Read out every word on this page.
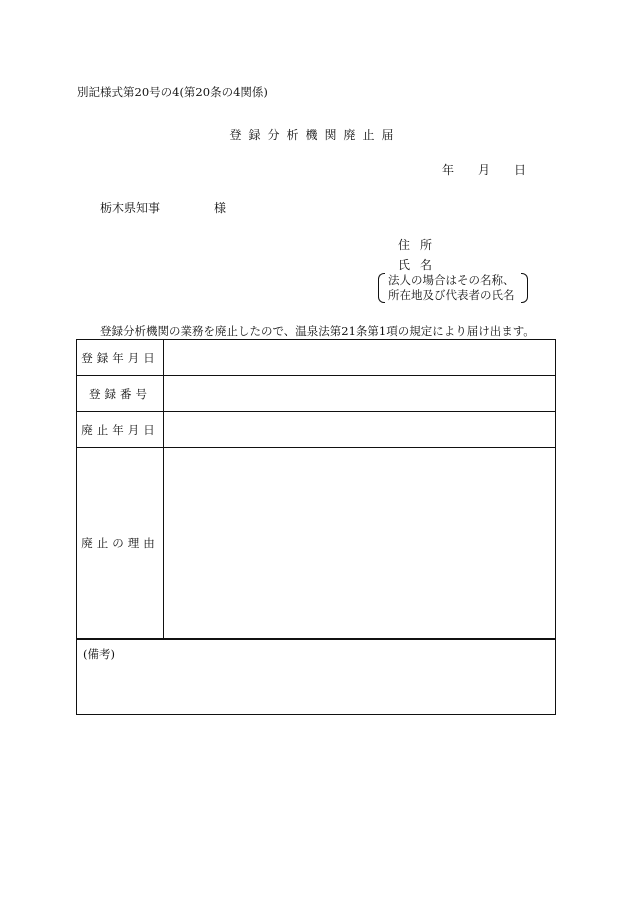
別記様式第20号の4(第20条の4関係)
登録分析機関廃止届
年 月 日
栃木県知事	様
住所
氏名
法人の場合はその名称、
所在地及び代表者の氏名
登録分析機関の業務を廃止したので、温泉法第21条第1項の規定により届け出ます。
登録年月日	
登録番号	
廃止年月日	
廃止の理由	

(備考)	
